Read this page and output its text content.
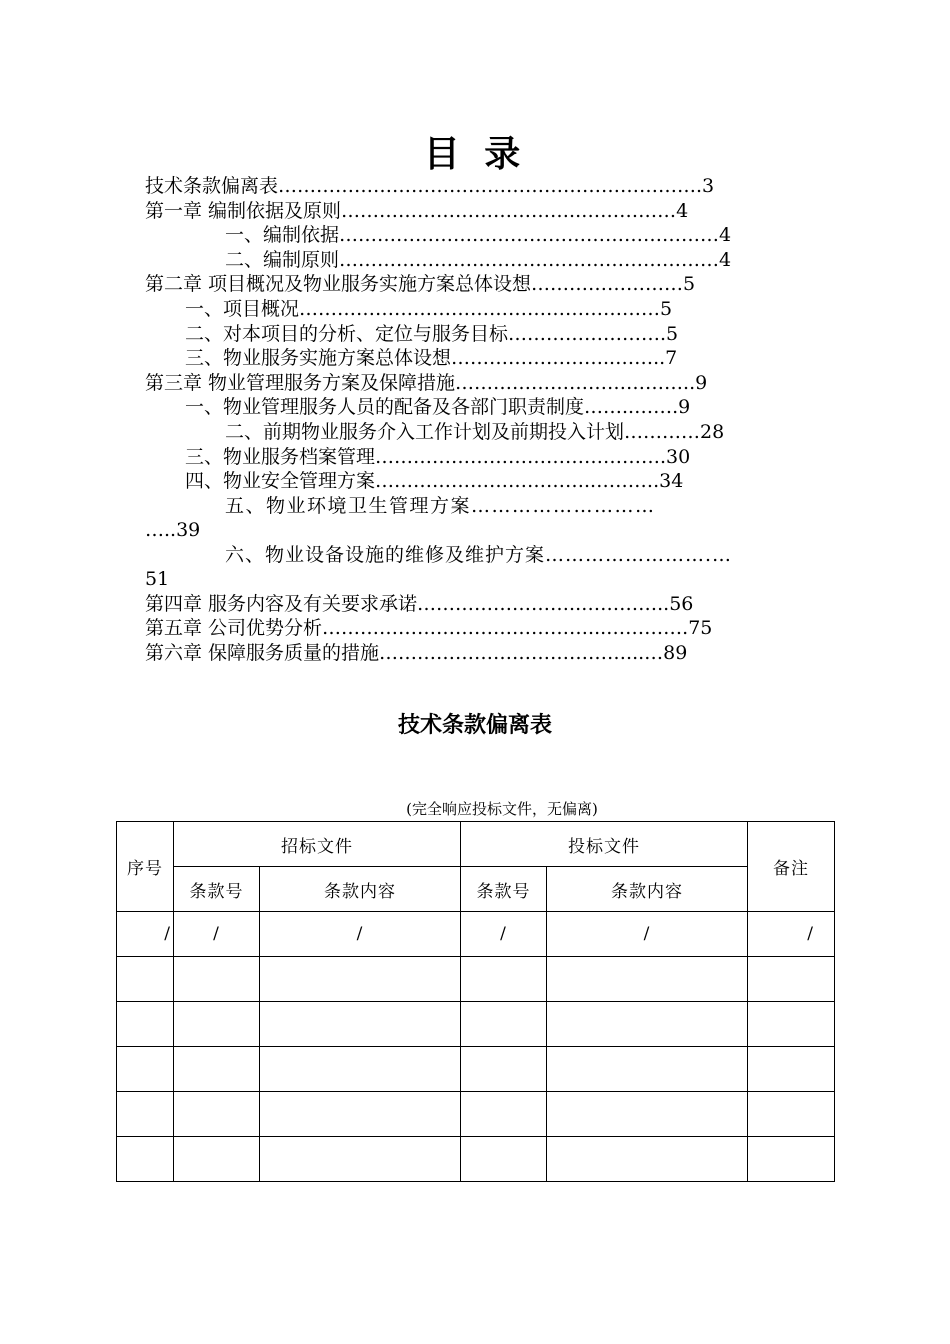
目 录
技术条款偏离表………………………………………………………….3
第一章 编制依据及原则………………………………..……………4
一、编制依据……………………………………………………4
二、编制原则……………………………………………………4
第二章 项目概况及物业服务实施方案总体设想……………………5
一、项目概况…………………………………………………5
二、对本项目的分析、定位与服务目标…………………….5
三、物业服务实施方案总体设想……………………..……..7
第三章 物业管理服务方案及保障措施………………………………..9
一、物业管理服务人员的配备及各部门职责制度……..…….9
二、前期物业服务介入工作计划及前期投入计划…………28
三、物业服务档案管理……………………………………….30
四、物业安全管理方案……………………………..……….34
五、物业环境卫生管理方案………………………
…..39
六、物业设备设施的维修及维护方案…………………….…
51
第四章 服务内容及有关要求承诺……………………..…………..56
第五章 公司优势分析……………………………………...………….75
第六章 保障服务质量的措施…………………………………...…89
技术条款偏离表

(完全响应投标文件，无偏离)

序号	招标文件		投标文件		备注
	条款号	条款内容	条款号	条款内容	
/	/	/	/	/	/
